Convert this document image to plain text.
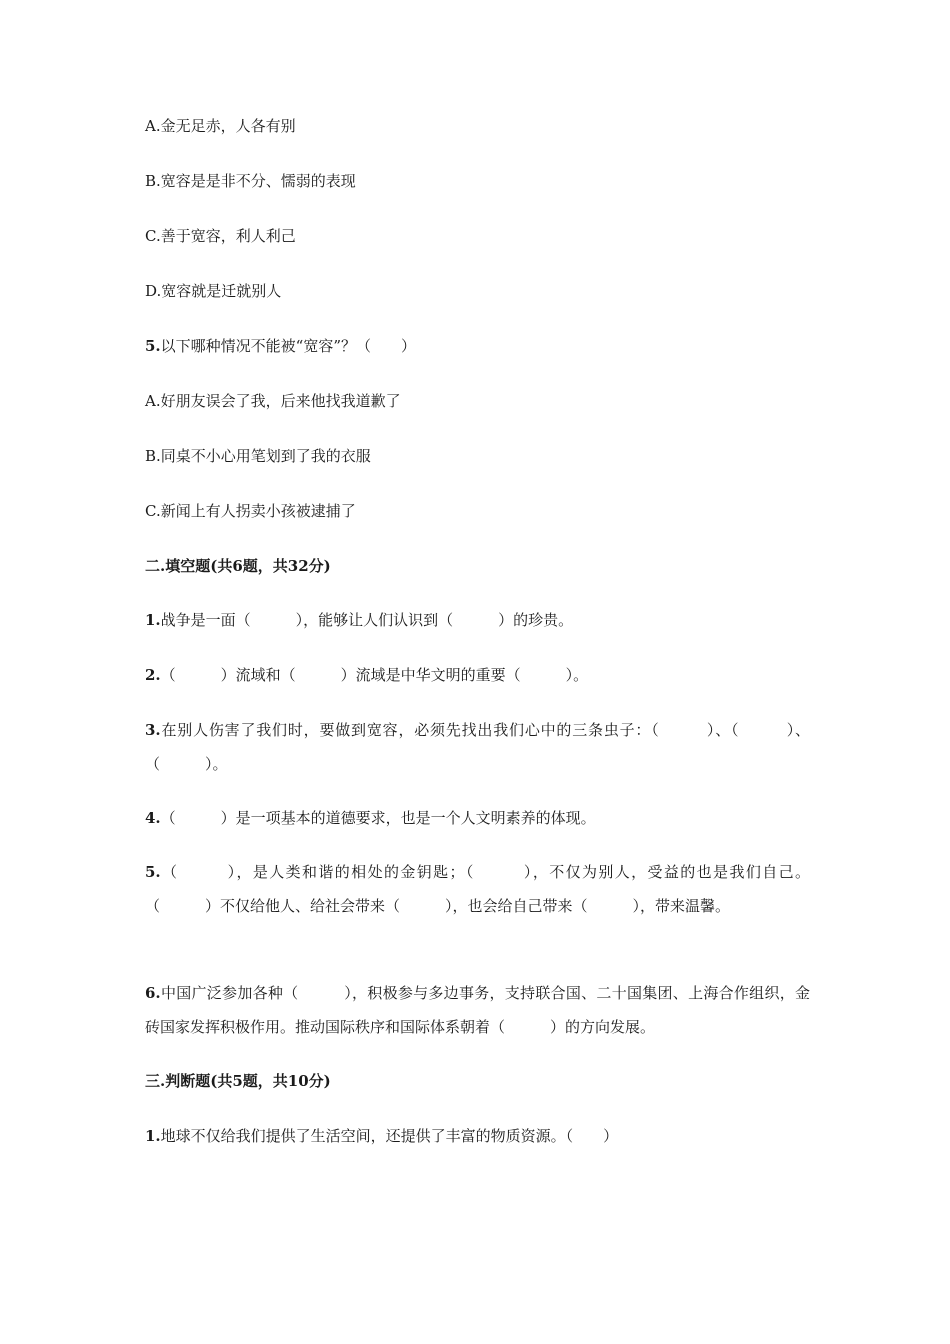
A.金无足赤，人各有别
B.宽容是是非不分、懦弱的表现
C.善于宽容，利人利己
D.宽容就是迁就别人
5.以下哪种情况不能被“宽容”？（　　）
A.好朋友误会了我，后来他找我道歉了
B.同桌不小心用笔划到了我的衣服
C.新闻上有人拐卖小孩被逮捕了
二.填空题(共6题，共32分)
1.战争是一面（　　　），能够让人们认识到（　　　）的珍贵。
2.（　　　）流域和（　　　）流域是中华文明的重要（　　　）。
3.在别人伤害了我们时，要做到宽容，必须先找出我们心中的三条虫子：（　　　）、（　　　）、（　　　）。
4.（　　　）是一项基本的道德要求，也是一个人文明素养的体现。
5.（　　　），是人类和谐的相处的金钥匙；（　　　），不仅为别人，受益的也是我们自己。（　　　）不仅给他人、给社会带来（　　　），也会给自己带来（　　　），带来温馨。
6.中国广泛参加各种（　　　），积极参与多边事务，支持联合国、二十国集团、上海合作组织，金砖国家发挥积极作用。推动国际秩序和国际体系朝着（　　　）的方向发展。
三.判断题(共5题，共10分)
1.地球不仅给我们提供了生活空间，还提供了丰富的物质资源。（　　）
